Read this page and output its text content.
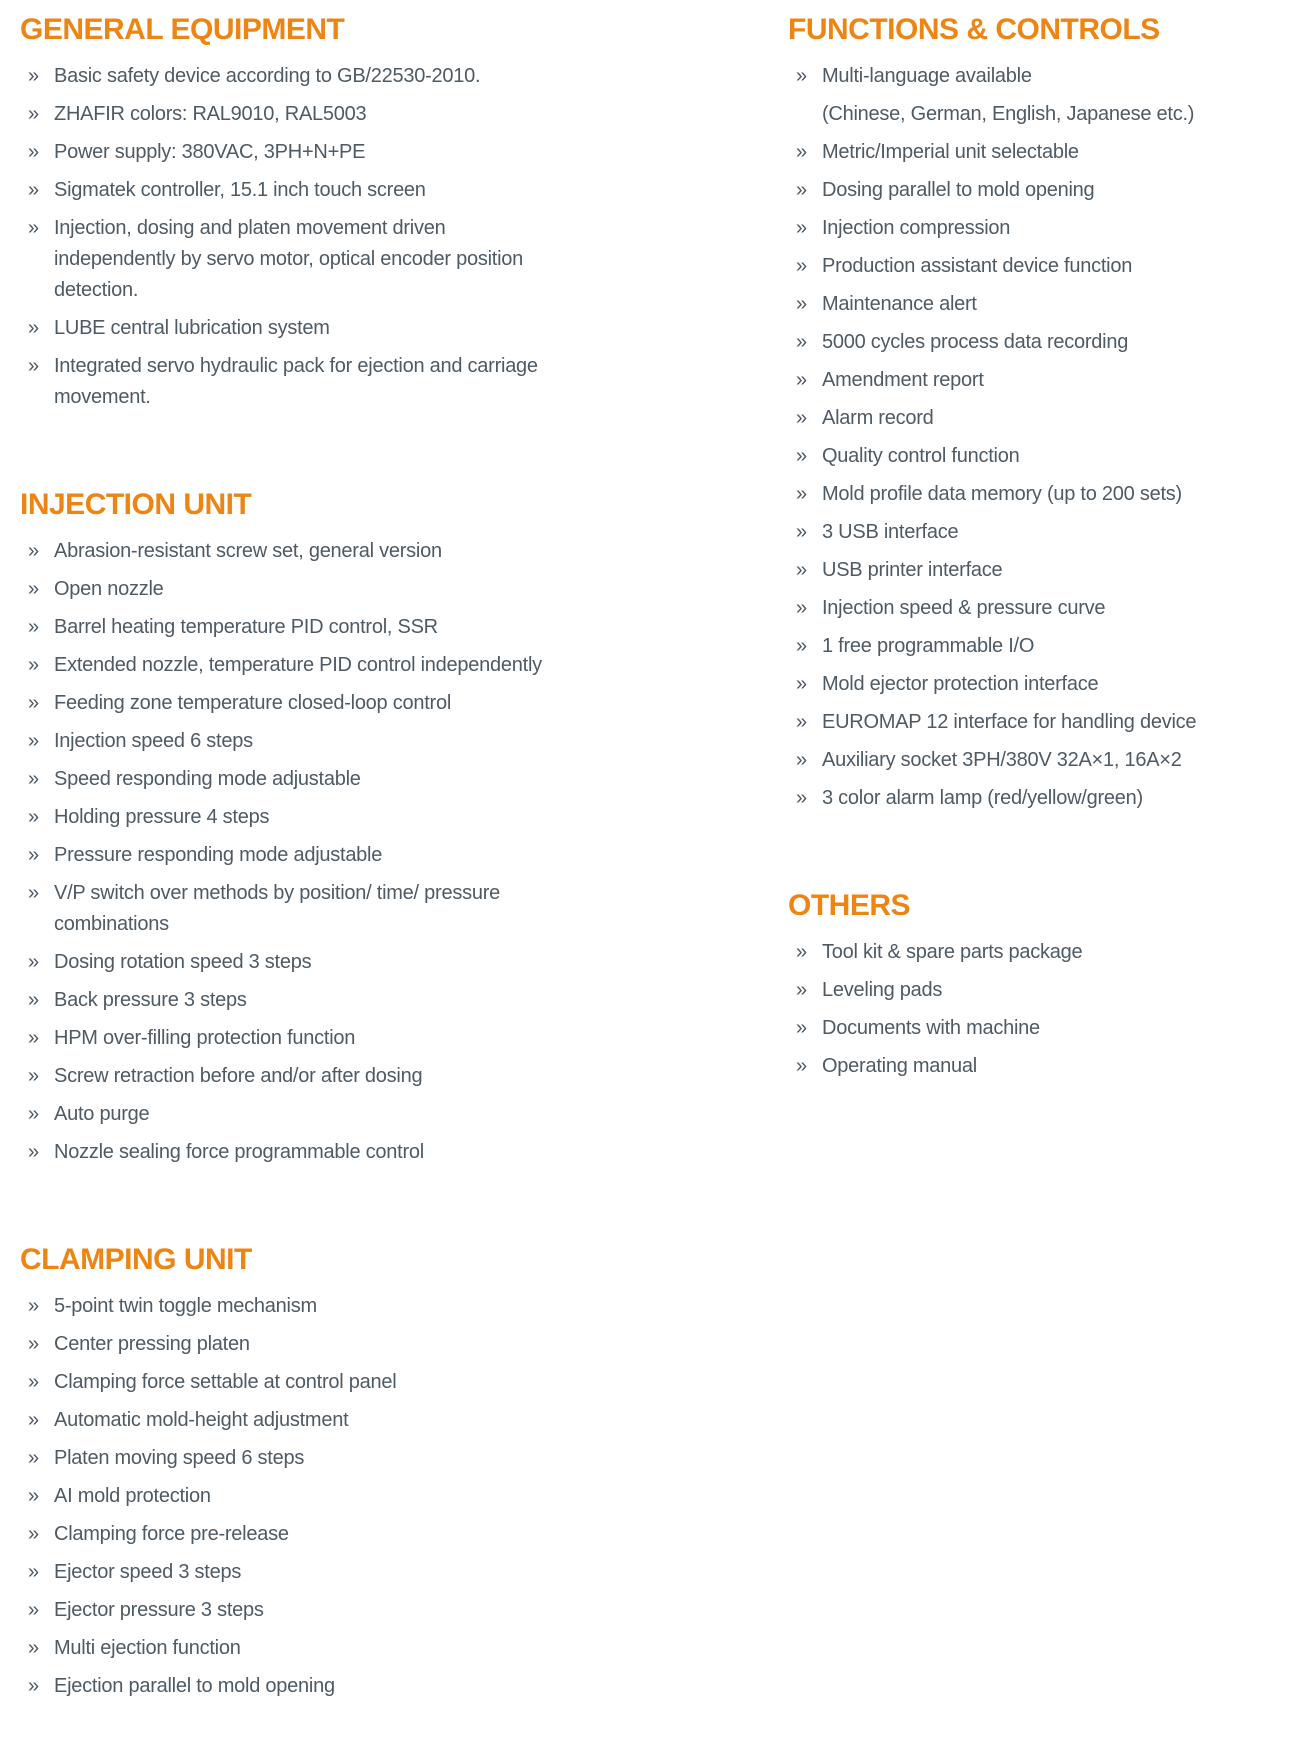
GENERAL EQUIPMENT
» Basic safety device according to GB/22530-2010.
» ZHAFIR colors: RAL9010, RAL5003
» Power supply: 380VAC, 3PH+N+PE
» Sigmatek controller, 15.1 inch touch screen
» Injection, dosing and platen movement driven
independently by servo motor, optical encoder position
detection.
» LUBE central lubrication system
» Integrated servo hydraulic pack for ejection and carriage
movement.
INJECTION UNIT
» Abrasion-resistant screw set, general version
» Open nozzle
» Barrel heating temperature PID control, SSR
» Extended nozzle, temperature PID control independently
» Feeding zone temperature closed-loop control
» Injection speed 6 steps
» Speed responding mode adjustable
» Holding pressure 4 steps
» Pressure responding mode adjustable
» V/P switch over methods by position/ time/ pressure
combinations
» Dosing rotation speed 3 steps
» Back pressure 3 steps
» HPM over-filling protection function
» Screw retraction before and/or after dosing
» Auto purge
» Nozzle sealing force programmable control
CLAMPING UNIT
» 5-point twin toggle mechanism
» Center pressing platen
» Clamping force settable at control panel
» Automatic mold-height adjustment
» Platen moving speed 6 steps
» AI mold protection
» Clamping force pre-release
» Ejector speed 3 steps
» Ejector pressure 3 steps
» Multi ejection function
» Ejection parallel to mold opening
FUNCTIONS & CONTROLS
» Multi-language available
(Chinese, German, English, Japanese etc.)
» Metric/Imperial unit selectable
» Dosing parallel to mold opening
» Injection compression
» Production assistant device function
» Maintenance alert
» 5000 cycles process data recording
» Amendment report
» Alarm record
» Quality control function
» Mold profile data memory (up to 200 sets)
» 3 USB interface
» USB printer interface
» Injection speed & pressure curve
» 1 free programmable I/O
» Mold ejector protection interface
» EUROMAP 12 interface for handling device
» Auxiliary socket 3PH/380V 32A×1, 16A×2
» 3 color alarm lamp (red/yellow/green)
OTHERS
» Tool kit & spare parts package
» Leveling pads
» Documents with machine
» Operating manual
